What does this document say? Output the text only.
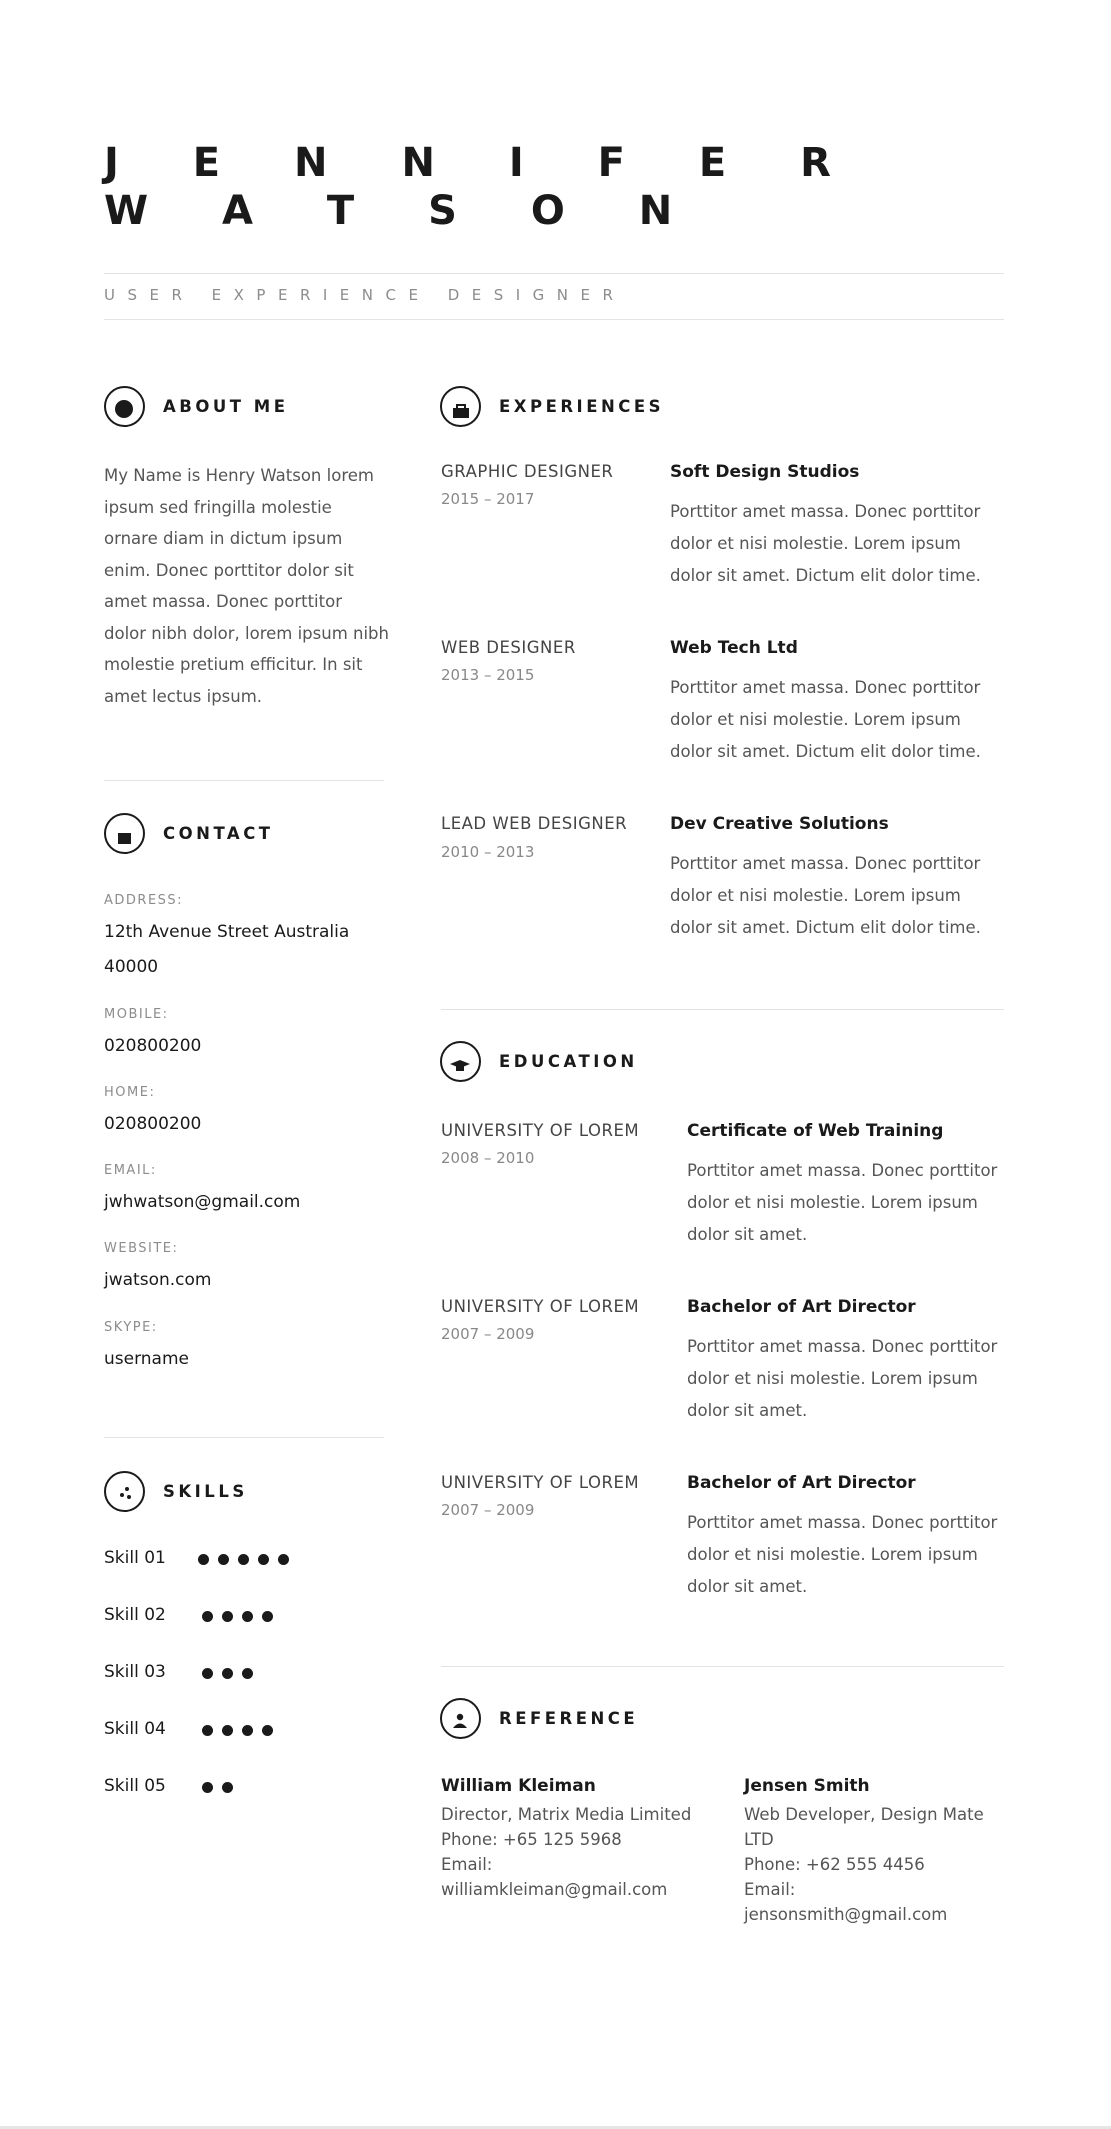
J E N N I F E R
W A T S O N
USER EXPERIENCE DESIGNER
ABOUT ME
My Name is Henry Watson lorem ipsum sed fringilla molestie ornare diam in dictum ipsum enim. Donec porttitor dolor sit amet massa. Donec porttitor dolor nibh dolor, lorem ipsum nibh molestie pretium efficitur. In sit amet lectus ipsum.
CONTACT
ADDRESS:
12th Avenue Street Australia
40000
MOBILE:
020800200
HOME:
020800200
EMAIL:
jwhwatson@gmail.com
WEBSITE:
jwatson.com
SKYPE:
username
SKILLS
Skill 01
Skill 02
Skill 03
Skill 04
Skill 05
EXPERIENCES
GRAPHIC DESIGNER
2015 – 2017
Soft Design Studios
Porttitor amet massa. Donec porttitor
dolor et nisi molestie. Lorem ipsum
dolor sit amet. Dictum elit dolor time.
WEB DESIGNER
2013 – 2015
Web Tech Ltd
Porttitor amet massa. Donec porttitor
dolor et nisi molestie. Lorem ipsum
dolor sit amet. Dictum elit dolor time.
LEAD WEB DESIGNER
2010 – 2013
Dev Creative Solutions
Porttitor amet massa. Donec porttitor
dolor et nisi molestie. Lorem ipsum
dolor sit amet. Dictum elit dolor time.
EDUCATION
UNIVERSITY OF LOREM
2008 – 2010
Certificate of Web Training
Porttitor amet massa. Donec porttitor
dolor et nisi molestie. Lorem ipsum
dolor sit amet.
UNIVERSITY OF LOREM
2007 – 2009
Bachelor of Art Director
Porttitor amet massa. Donec porttitor
dolor et nisi molestie. Lorem ipsum
dolor sit amet.
UNIVERSITY OF LOREM
2007 – 2009
Bachelor of Art Director
Porttitor amet massa. Donec porttitor
dolor et nisi molestie. Lorem ipsum
dolor sit amet.
REFERENCE
William Kleiman
Director, Matrix Media Limited
Phone: +65 125 5968
Email:
williamkleiman@gmail.com
Jensen Smith
Web Developer, Design Mate
LTD
Phone: +62 555 4456
Email:
jensonsmith@gmail.com
